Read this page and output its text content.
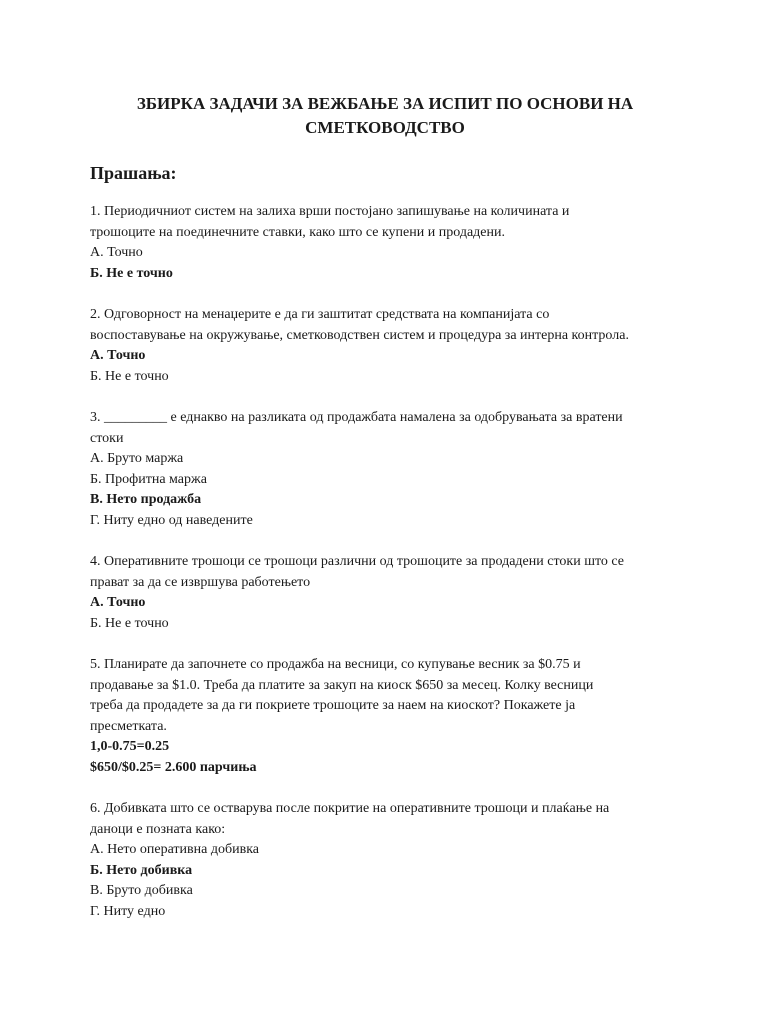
ЗБИРКА ЗАДАЧИ ЗА ВЕЖБАЊЕ ЗА ИСПИТ ПО ОСНОВИ НА
СМЕТКОВОДСТВО
Прашања:

1. Периодичниот систем на залиха врши постојано запишување на количината и
трошоците на поединечните ставки, како што се купени и продадени.

А. Точно

Б. Не е точно

2. Одговорност на менаџерите е да ги заштитат средствата на компанијата со
воспоставување на окружување, сметководствен систем и процедура за интерна контрола.

А. Точно

Б. Не е точно

3. _________ е еднакво на разликата од продажбата намалена за одобрувањата за вратени
стоки

А. Бруто маржа

Б. Профитна маржа

В. Нето продажба

Г. Ниту едно од наведените

4. Оперативните трошоци се трошоци различни од трошоците за продадени стоки што се
прават за да се извршува работењето

А. Точно

Б. Не е точно

5. Планирате да започнете со продажба на весници, со купување весник за $0.75 и
продавање за $1.0. Треба да платите за закуп на киоск $650 за месец. Колку весници
треба да продадете за да ги покриете трошоците за наем на киоскот? Покажете ја
пресметката.

1,0-0.75=0.25

$650/$0.25= 2.600 парчиња

6. Добивката што се остварува после покритие на оперативните трошоци и плаќање на
даноци е позната како:

А. Нето оперативна добивка

Б. Нето добивка

В. Бруто добивка

Г. Ниту едно
